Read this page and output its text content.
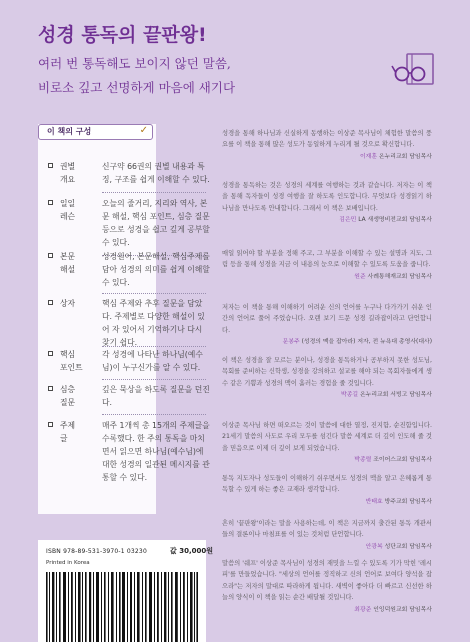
성경 통독의 끝판왕!
여러 번 통독해도 보이지 않던 말씀,
비로소 깊고 선명하게 마음에 새기다
이 책의 구성	✓
권별
개요
신구약 66권의 권별 내용과 특징, 구조를 쉽게 이해할 수 있다.
일일
레슨
오늘의 줄거리, 지리와 역사, 본문 해설, 핵심 포인트, 심층 질문 등으로 성경을 쉽고 깊게 공부할 수 있다.
본문
해설
성경원어, 본문해설, 핵심주제를 담아 성경의 의미를 쉽게 이해할 수 있다.
상자	핵심 주제와 추후 질문을 담았다. 주제별로 다양한 해설이 있어 자 있어서 기억하기나 다시 찾기 쉽다.
핵심
포인트
각 성경에 나타난 하나님(예수님)이 누구신가를 알 수 있다.
심층
질문
깊은 묵상을 하도록 질문을 던진다.
주제
글
매주 1개씩 총 15개의 주제글을 수록했다. 한 주의 통독을 마치면서 읽으면 하나님(예수님)에 대한 성경의 일관된 메시지를 관통할 수 있다.
성경을 통해 하나님과 신실하게 동행하는 이상준 목사님이 체험한 말씀의 풍요를 이 책을 통해 많은 성도가 동일하게 누리게 될 것으로 확신합니다.
이재훈 온누리교회 담임목사
성경을 통독하는 것은 성경의 세계를 여행하는 것과 같습니다. 저자는 이 책을 통해 독자들이 성경 여행을 잘 하도록 인도합니다. 무엇보다 성경읽기 하나님을 만나도록 안내합니다. 그래서 이 책은 보배입니다.
김은민 LA 새생명비전교회 담임목사
매일 읽어야 할 부분을 정해 주고, 그 부분을 이해할 수 있는 설명과 지도, 그림 등을 통해 성경을 지금 이 내용의 눈으로 이해할 수 있도록 도움을 줍니다.
원준 사례통해재교회 담임목사
저자는 이 책을 통해 이해하기 어려운 신의 언어를 누구나 다가가기 쉬운 인간의 언어로 풀어 주었습니다. 오랜 보기 드문 성경 길라잡이라고 단언합니다.
문봉주 (성경의 맥을 잡아라) 저자, 전 뉴욕대 총영사(대사)
이 책은 성경을 잘 모르는 분이나, 성경을 통독하거나 공부하지 못한 성도님, 목회를 준비하는 신학생, 성경을 강의하고 설교를 해야 되는 목회자들에게 생수 같은 기쁨과 성경의 맥이 흘러는 경험을 줄 것입니다.
박종길 온누리교회 서빙고 담임목사
이상준 목사님 하면 떠오르는 것이 말씀에 대한 열정, 진지함, 순진함입니다. 21세기 말씀의 사도로 우리 모두를 섬긴다 말씀 세계로 더 깊이 인도해 줄 것을 믿음으로 이제 더 깊이 보게 되었습니다.
박종렬 조이어스교회 담임목사
통독 지도자나 성도들이 이해하기 쉬우면서도 성경의 맥을 알고 은혜롭게 통독할 수 있게 하는 좋은 교재라 생각합니다.
반태효 방주교회 담임목사
흔히 '끝판왕'이라는 말을 사용하는데, 이 책은 지금까지 출간된 통독 개관서들의 결론이나 마침표를 이 있는 것처럼 단언합니다.
안광복 성단교회 담임목사
말씀의 '쉐프' 이상준 목사님이 성경의 재밋을 느낄 수 있도록 기가 막힌 '레시피'를 만들었습니다. "세상의 언어를 정직하고 신의 언어로 보여다 양석을 잡으라"는 저자의 말대로 따라하게 됩니다. 새벽이 좋아다 더 빠르고 신선한 하늘의 양식이 이 책을 읽는 순간 배달될 것입니다.
최광준 인잉덕원교회 담임목사
ISBN 978-89-531-3970-1 03230
Printed in Korea
값 30,000원
